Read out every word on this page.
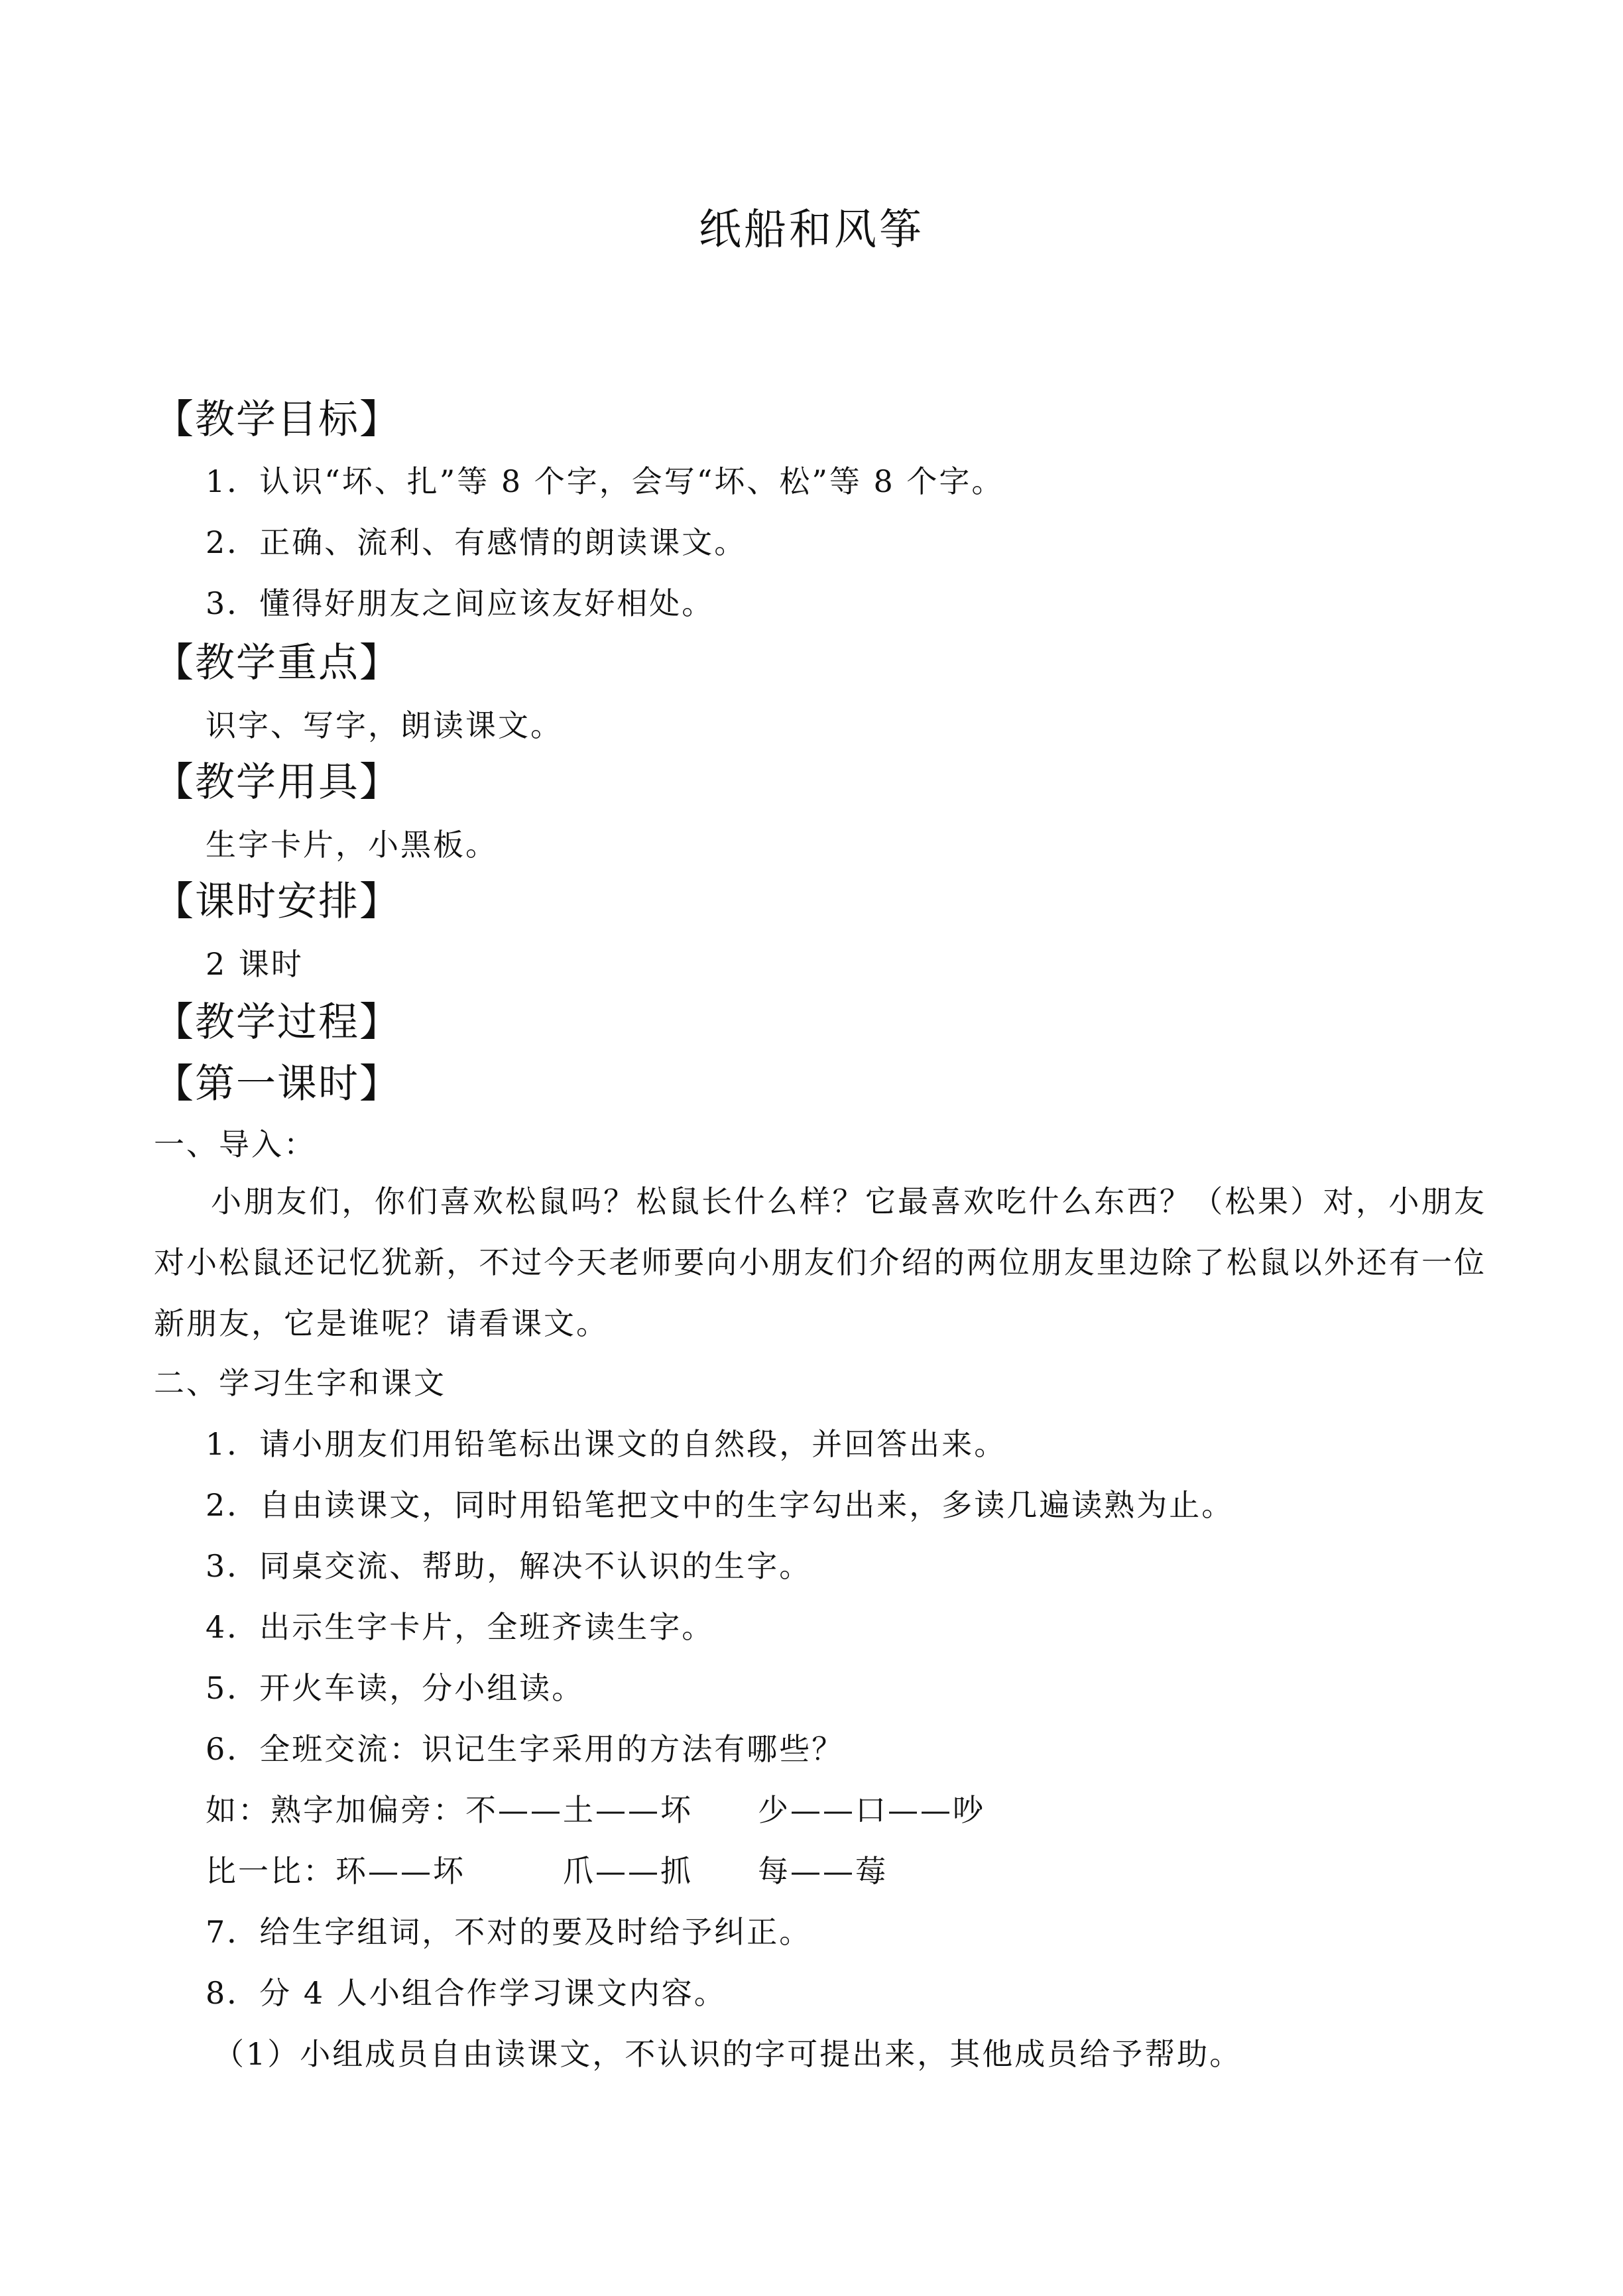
纸船和风筝
【教学目标】
1．认识“坏、扎”等 8 个字，会写“坏、松”等 8 个字。
2．正确、流利、有感情的朗读课文。
3．懂得好朋友之间应该友好相处。
【教学重点】
识字、写字，朗读课文。
【教学用具】
生字卡片，小黑板。
【课时安排】
2 课时
【教学过程】
【第一课时】
一、导入：
小朋友们，你们喜欢松鼠吗？松鼠长什么样？它最喜欢吃什么东西？（松果）对，小朋友对小松鼠还记忆犹新，不过今天老师要向小朋友们介绍的两位朋友里边除了松鼠以外还有一位新朋友，它是谁呢？请看课文。
二、学习生字和课文
1．请小朋友们用铅笔标出课文的自然段，并回答出来。
2．自由读课文，同时用铅笔把文中的生字勾出来，多读几遍读熟为止。
3．同桌交流、帮助，解决不认识的生字。
4．出示生字卡片，全班齐读生字。
5．开火车读，分小组读。
6．全班交流：识记生字采用的方法有哪些？
如：熟字加偏旁：不——土——坏　　少——口——吵
比一比：环——坏　　　爪——抓　　每——莓
7．给生字组词，不对的要及时给予纠正。
8．分 4 人小组合作学习课文内容。
（1）小组成员自由读课文，不认识的字可提出来，其他成员给予帮助。
